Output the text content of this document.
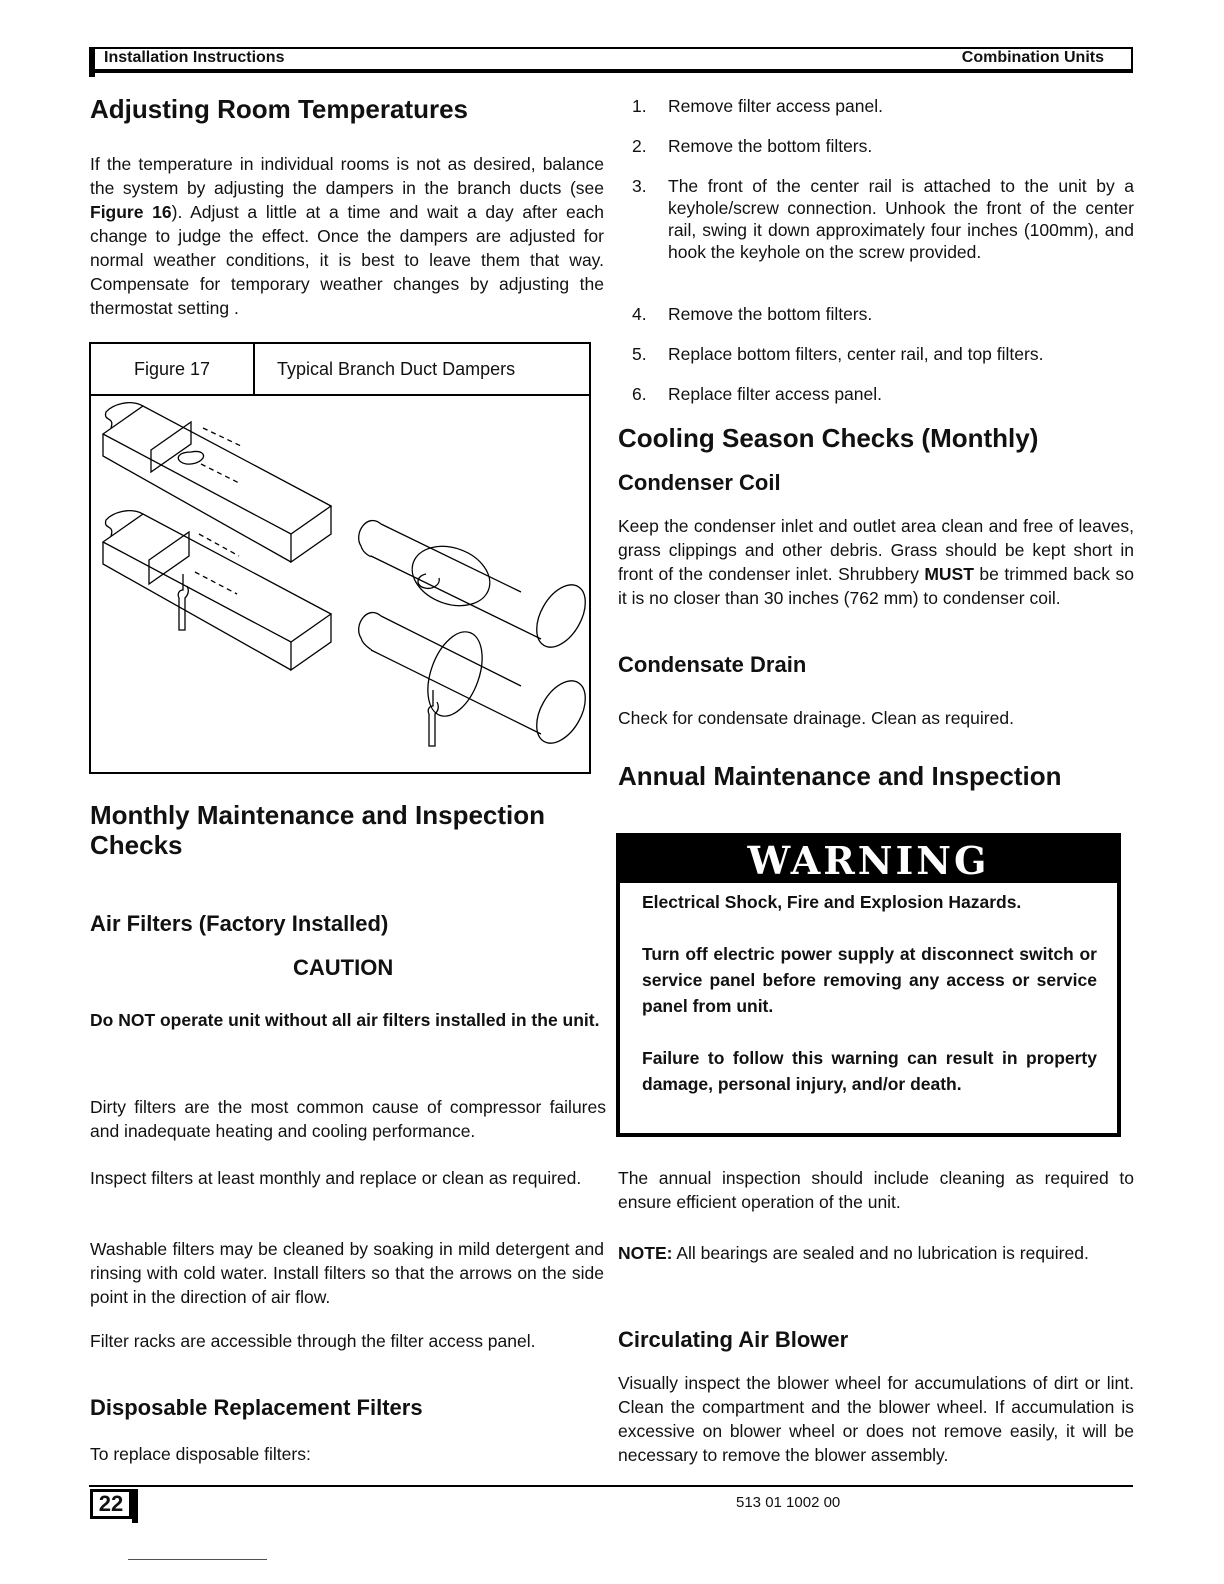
Installation Instructions	Combination Units
Adjusting Room Temperatures

If the temperature in individual rooms is not as desired, balance the system by adjusting the dampers in the branch ducts (see Figure 16). Adjust a little at a time and wait a day after each change to judge the effect. Once the dampers are adjusted for normal weather conditions, it is best to leave them that way. Compensate for temporary weather changes by adjusting the thermostat setting .

Figure 17	Typical Branch Duct Dampers
Monthly Maintenance and Inspection Checks
Air Filters (Factory Installed)
CAUTION

Do NOT operate unit without all air filters installed in the unit.

Dirty filters are the most common cause of compressor failures and inadequate heating and cooling performance.

Inspect filters at least monthly and replace or clean as required.

Washable filters may be cleaned by soaking in mild detergent and rinsing with cold water. Install filters so that the arrows on the side point in the direction of air flow.

Filter racks are accessible through the filter access panel.

Disposable Replacement Filters

To replace disposable filters:

1. Remove filter access panel.
2. Remove the bottom filters.
3. The front of the center rail is attached to the unit by a keyhole/screw connection. Unhook the front of the center rail, swing it down approximately four inches (100mm), and hook the keyhole on the screw provided.
4. Remove the bottom filters.
5. Replace bottom filters, center rail, and top filters.
6. Replace filter access panel.
Cooling Season Checks (Monthly)
Condenser Coil

Keep the condenser inlet and outlet area clean and free of leaves, grass clippings and other debris. Grass should be kept short in front of the condenser inlet. Shrubbery MUST be trimmed back so it is no closer than 30 inches (762 mm) to condenser coil.

Condensate Drain

Check for condensate drainage. Clean as required.

Annual Maintenance and Inspection
WARNING

Electrical Shock, Fire and Explosion Hazards.

Turn off electric power supply at disconnect switch or service panel before removing any access or service panel from unit.

Failure to follow this warning can result in property damage, personal injury, and/or death.

The annual inspection should include cleaning as required to ensure efficient operation of the unit.

NOTE: All bearings are sealed and no lubrication is required.

Circulating Air Blower

Visually inspect the blower wheel for accumulations of dirt or lint. Clean the compartment and the blower wheel. If accumulation is excessive on blower wheel or does not remove easily, it will be necessary to remove the blower assembly.

22	513 01 1002 00
